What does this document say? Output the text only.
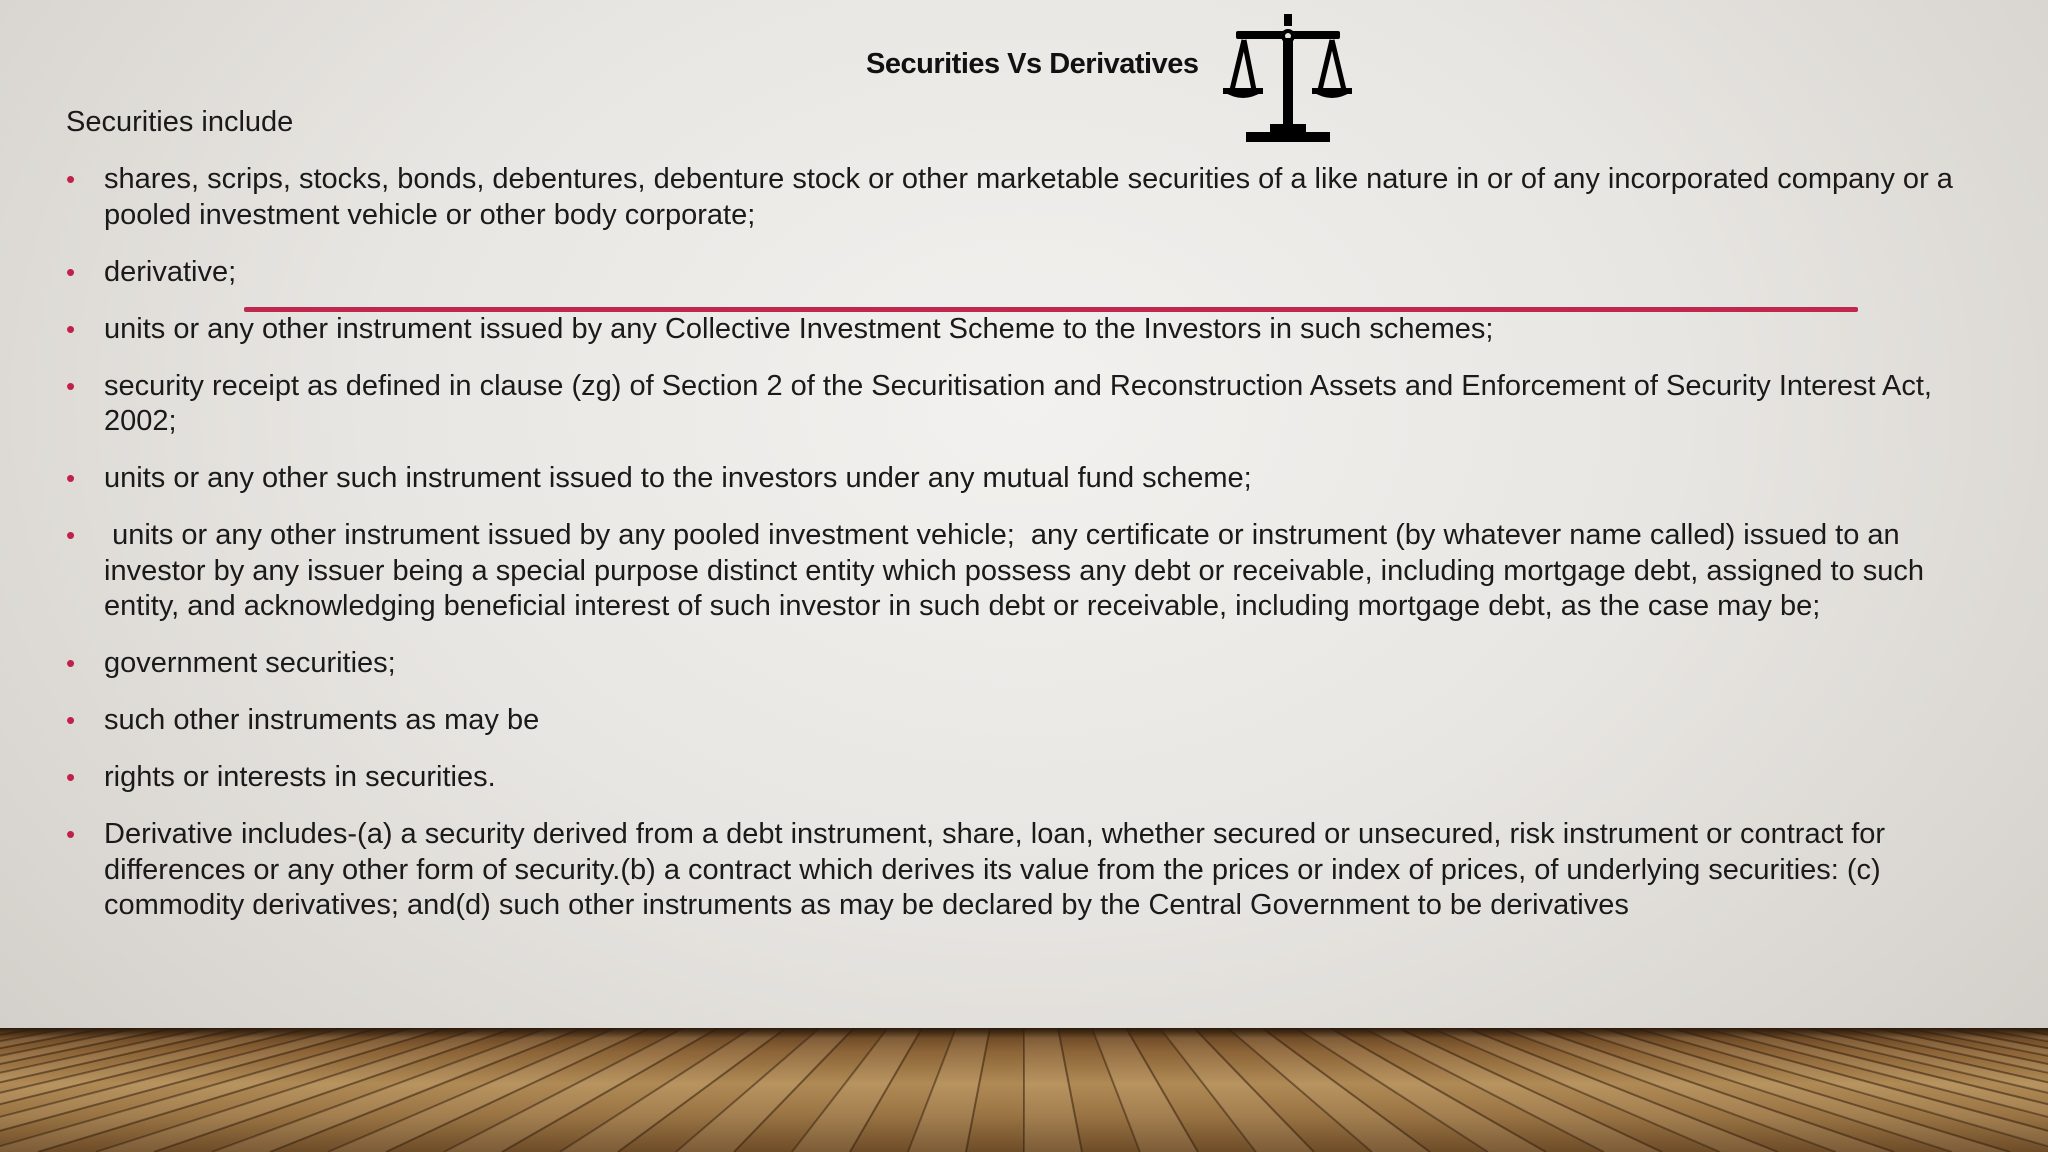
Securities Vs Derivatives
Securities include
• shares, scrips, stocks, bonds, debentures, debenture stock or other marketable securities of a like nature in or of any incorporated company or a pooled investment vehicle or other body corporate;
• derivative;
• units or any other instrument issued by any Collective Investment Scheme to the Investors in such schemes;
• security receipt as defined in clause (zg) of Section 2 of the Securitisation and Reconstruction Assets and Enforcement of Security Interest Act, 2002;
• units or any other such instrument issued to the investors under any mutual fund scheme;
• units or any other instrument issued by any pooled investment vehicle;  any certificate or instrument (by whatever name called) issued to an investor by any issuer being a special purpose distinct entity which possess any debt or receivable, including mortgage debt, assigned to such entity, and acknowledging beneficial interest of such investor in such debt or receivable, including mortgage debt, as the case may be;
• government securities;
• such other instruments as may be
• rights or interests in securities.
• Derivative includes-(a) a security derived from a debt instrument, share, loan, whether secured or unsecured, risk instrument or contract for differences or any other form of security.(b) a contract which derives its value from the prices or index of prices, of underlying securities: (c) commodity derivatives; and(d) such other instruments as may be declared by the Central Government to be derivatives
